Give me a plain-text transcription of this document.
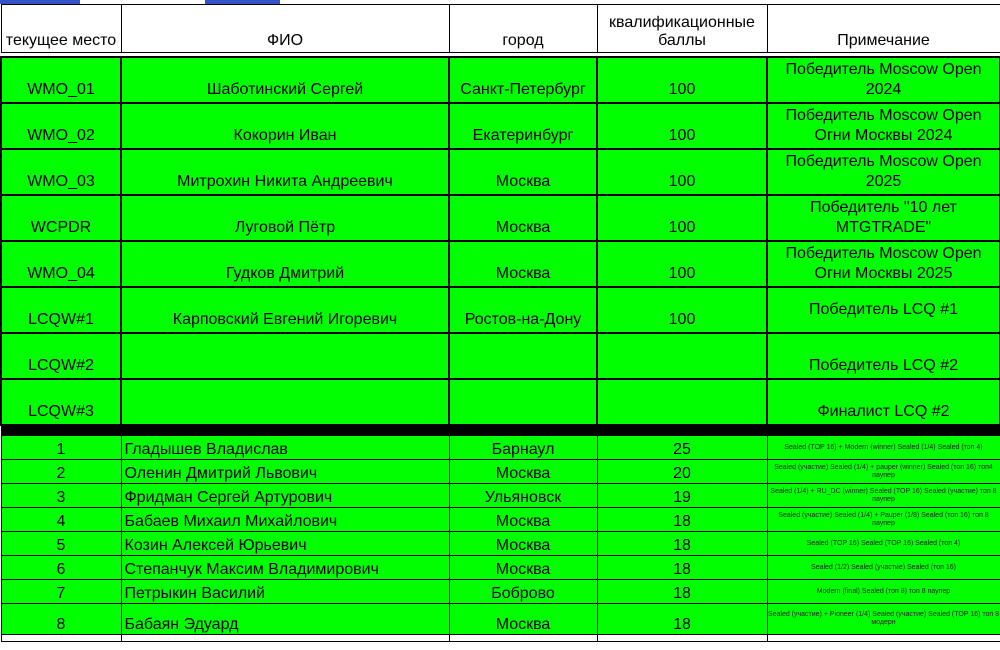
текущее место	ФИО	город	квалификационные баллы	Примечание

WMO_01	Шаботинский Сергей	Санкт-Петербург	100	Победитель Moscow Open 2024
WMO_02	Кокорин Иван	Екатеринбург	100	Победитель Moscow Open Огни Москвы 2024
WMO_03	Митрохин Никита Андреевич	Москва	100	Победитель Moscow Open 2025
WCPDR	Луговой Пётр	Москва	100	Победитель "10 лет MTGTRADE"
WMO_04	Гудков Дмитрий	Москва	100	Победитель Moscow Open Огни Москвы 2025
LCQW#1	Карповский Евгений Игоревич	Ростов-на-Дону	100	Победитель LCQ #1
LCQW#2				Победитель LCQ #2
LCQW#3				Финалист LCQ #2

1	Гладышев Владислав	Барнаул	25	Sealed (TOP 16) + Modern (winner) Sealed (1/4) Sealed (топ 4)
2	Оленин Дмитрий Львович	Москва	20	Sealed (участие) Sealed (1/4) + pauper (winner) Sealed (топ 16) топ4 паупер
3	Фридман Сергей Артурович	Ульяновск	19	Sealed (1/4) + RU_DC (winner) Sealed (TOP 16) Sealed (участие) топ 8 паупер
4	Бабаев Михаил Михайлович	Москва	18	Sealed (участие) Sealed (1/4) + Pauper (1/8) Sealed (топ 16) топ 8 паупер
5	Козин Алексей Юрьевич	Москва	18	Sealed (TOP 16) Sealed (TOP 16) Sealed (топ 4)
6	Степанчук Максим Владимирович	Москва	18	Sealed (1/2) Sealed (участие) Sealed (топ 16)
7	Петрыкин Василий	Боброво	18	Modern (final) Sealed (топ 8) топ 8 паупер
8	Бабаян Эдуард	Москва	18	Sealed (участие) + Pioneer (1/4) Sealed (участие) Sealed (TOP 16) топ 8 модерн
